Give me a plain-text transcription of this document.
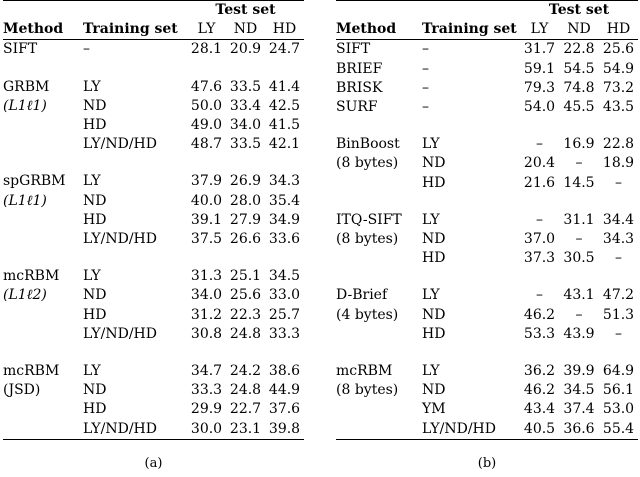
		Test set		
Method	Training set	LY	ND	HD
SIFT	–	28.1	20.9	24.7

GRBM	LY	47.6	33.5	41.4
(L1ℓ1)	ND	50.0	33.4	42.5
	HD	49.0	34.0	41.5
	LY/ND/HD	48.7	33.5	42.1

spGRBM	LY	37.9	26.9	34.3
(L1ℓ1)	ND	40.0	28.0	35.4
	HD	39.1	27.9	34.9
	LY/ND/HD	37.5	26.6	33.6

mcRBM	LY	31.3	25.1	34.5
(L1ℓ2)	ND	34.0	25.6	33.0
	HD	31.2	22.3	25.7
	LY/ND/HD	30.8	24.8	33.3

mcRBM	LY	34.7	24.2	38.6
(JSD)	ND	33.3	24.8	44.9
	HD	29.9	22.7	37.6
	LY/ND/HD	30.0	23.1	39.8
(a)
		Test set		
Method	Training set	LY	ND	HD
SIFT	–	31.7	22.8	25.6
BRIEF	–	59.1	54.5	54.9
BRISK	–	79.3	74.8	73.2
SURF	–	54.0	45.5	43.5

BinBoost	LY	–	16.9	22.8
(8 bytes)	ND	20.4	–	18.9
	HD	21.6	14.5	–

ITQ-SIFT	LY	–	31.1	34.4
(8 bytes)	ND	37.0	–	34.3
	HD	37.3	30.5	–

D-Brief	LY	–	43.1	47.2
(4 bytes)	ND	46.2	–	51.3
	HD	53.3	43.9	–

mcRBM	LY	36.2	39.9	64.9
(8 bytes)	ND	46.2	34.5	56.1
	YM	43.4	37.4	53.0
	LY/ND/HD	40.5	36.6	55.4
(b)
